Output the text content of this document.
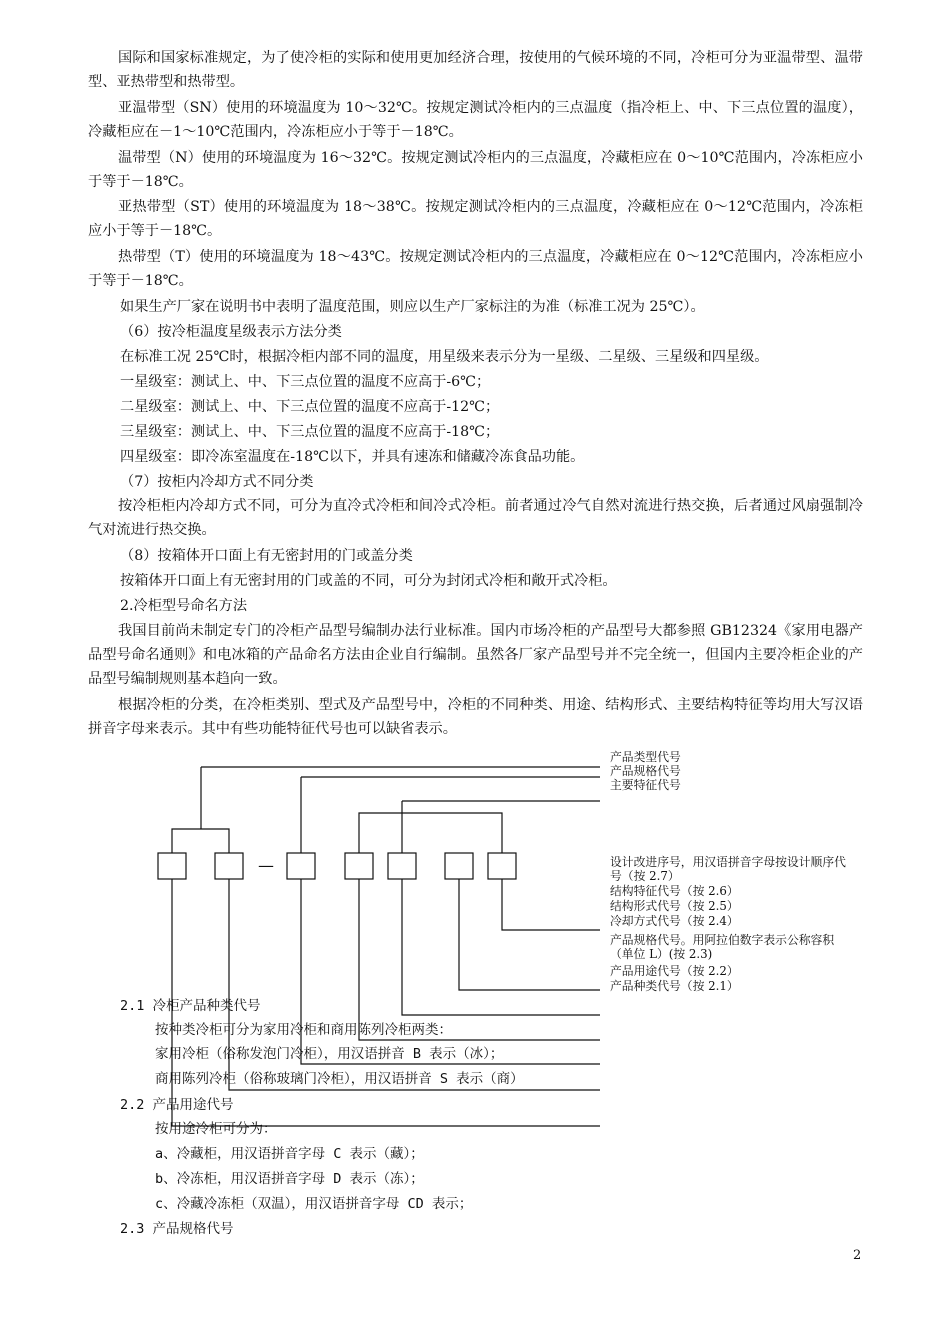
国际和国家标准规定，为了使冷柜的实际和使用更加经济合理，按使用的气候环境的不同，冷柜可分为亚温带型、温带型、亚热带型和热带型。

亚温带型（SN）使用的环境温度为 10～32℃。按规定测试冷柜内的三点温度（指冷柜上、中、下三点位置的温度），冷藏柜应在－1～10℃范围内，冷冻柜应小于等于－18℃。

温带型（N）使用的环境温度为 16～32℃。按规定测试冷柜内的三点温度，冷藏柜应在 0～10℃范围内，冷冻柜应小于等于－18℃。

亚热带型（ST）使用的环境温度为 18～38℃。按规定测试冷柜内的三点温度，冷藏柜应在 0～12℃范围内，冷冻柜应小于等于－18℃。

热带型（T）使用的环境温度为 18～43℃。按规定测试冷柜内的三点温度，冷藏柜应在 0～12℃范围内，冷冻柜应小于等于－18℃。

如果生产厂家在说明书中表明了温度范围，则应以生产厂家标注的为准（标准工况为 25℃）。

（6）按冷柜温度星级表示方法分类

在标准工况 25℃时，根据冷柜内部不同的温度，用星级来表示分为一星级、二星级、三星级和四星级。

一星级室：测试上、中、下三点位置的温度不应高于-6℃；

二星级室：测试上、中、下三点位置的温度不应高于-12℃；

三星级室：测试上、中、下三点位置的温度不应高于-18℃；

四星级室：即冷冻室温度在-18℃以下，并具有速冻和储藏冷冻食品功能。

（7）按柜内冷却方式不同分类

按冷柜柜内冷却方式不同，可分为直冷式冷柜和间冷式冷柜。前者通过冷气自然对流进行热交换，后者通过风扇强制冷气对流进行热交换。

（8）按箱体开口面上有无密封用的门或盖分类

按箱体开口面上有无密封用的门或盖的不同，可分为封闭式冷柜和敞开式冷柜。

2.冷柜型号命名方法

我国目前尚未制定专门的冷柜产品型号编制办法行业标准。国内市场冷柜的产品型号大都参照 GB12324《家用电器产品型号命名通则》和电冰箱的产品命名方法由企业自行编制。虽然各厂家产品型号并不完全统一，但国内主要冷柜企业的产品型号编制规则基本趋向一致。

根据冷柜的分类，在冷柜类别、型式及产品型号中，冷柜的不同种类、用途、结构形式、主要结构特征等均用大写汉语拼音字母来表示。其中有些功能特征代号也可以缺省表示。

—
产品类型代号
产品规格代号
主要特征代号
设计改进序号，用汉语拼音字母按设计顺序代号（按 2.7）
结构特征代号（按 2.6）
结构形式代号（按 2.5）
冷却方式代号（按 2.4）
产品规格代号。用阿拉伯数字表示公称容积（单位 L）(按 2.3)
产品用途代号（按 2.2）
产品种类代号（按 2.1）

2.1 冷柜产品种类代号

按种类冷柜可分为家用冷柜和商用陈列冷柜两类：

家用冷柜（俗称发泡门冷柜），用汉语拼音 B 表示（冰）；

商用陈列冷柜（俗称玻璃门冷柜），用汉语拼音 S 表示（商）

2.2 产品用途代号

按用途冷柜可分为：

a、冷藏柜，用汉语拼音字母 C 表示（藏）；

b、冷冻柜，用汉语拼音字母 D 表示（冻）；

c、冷藏冷冻柜（双温），用汉语拼音字母 CD 表示；

2.3 产品规格代号

2
